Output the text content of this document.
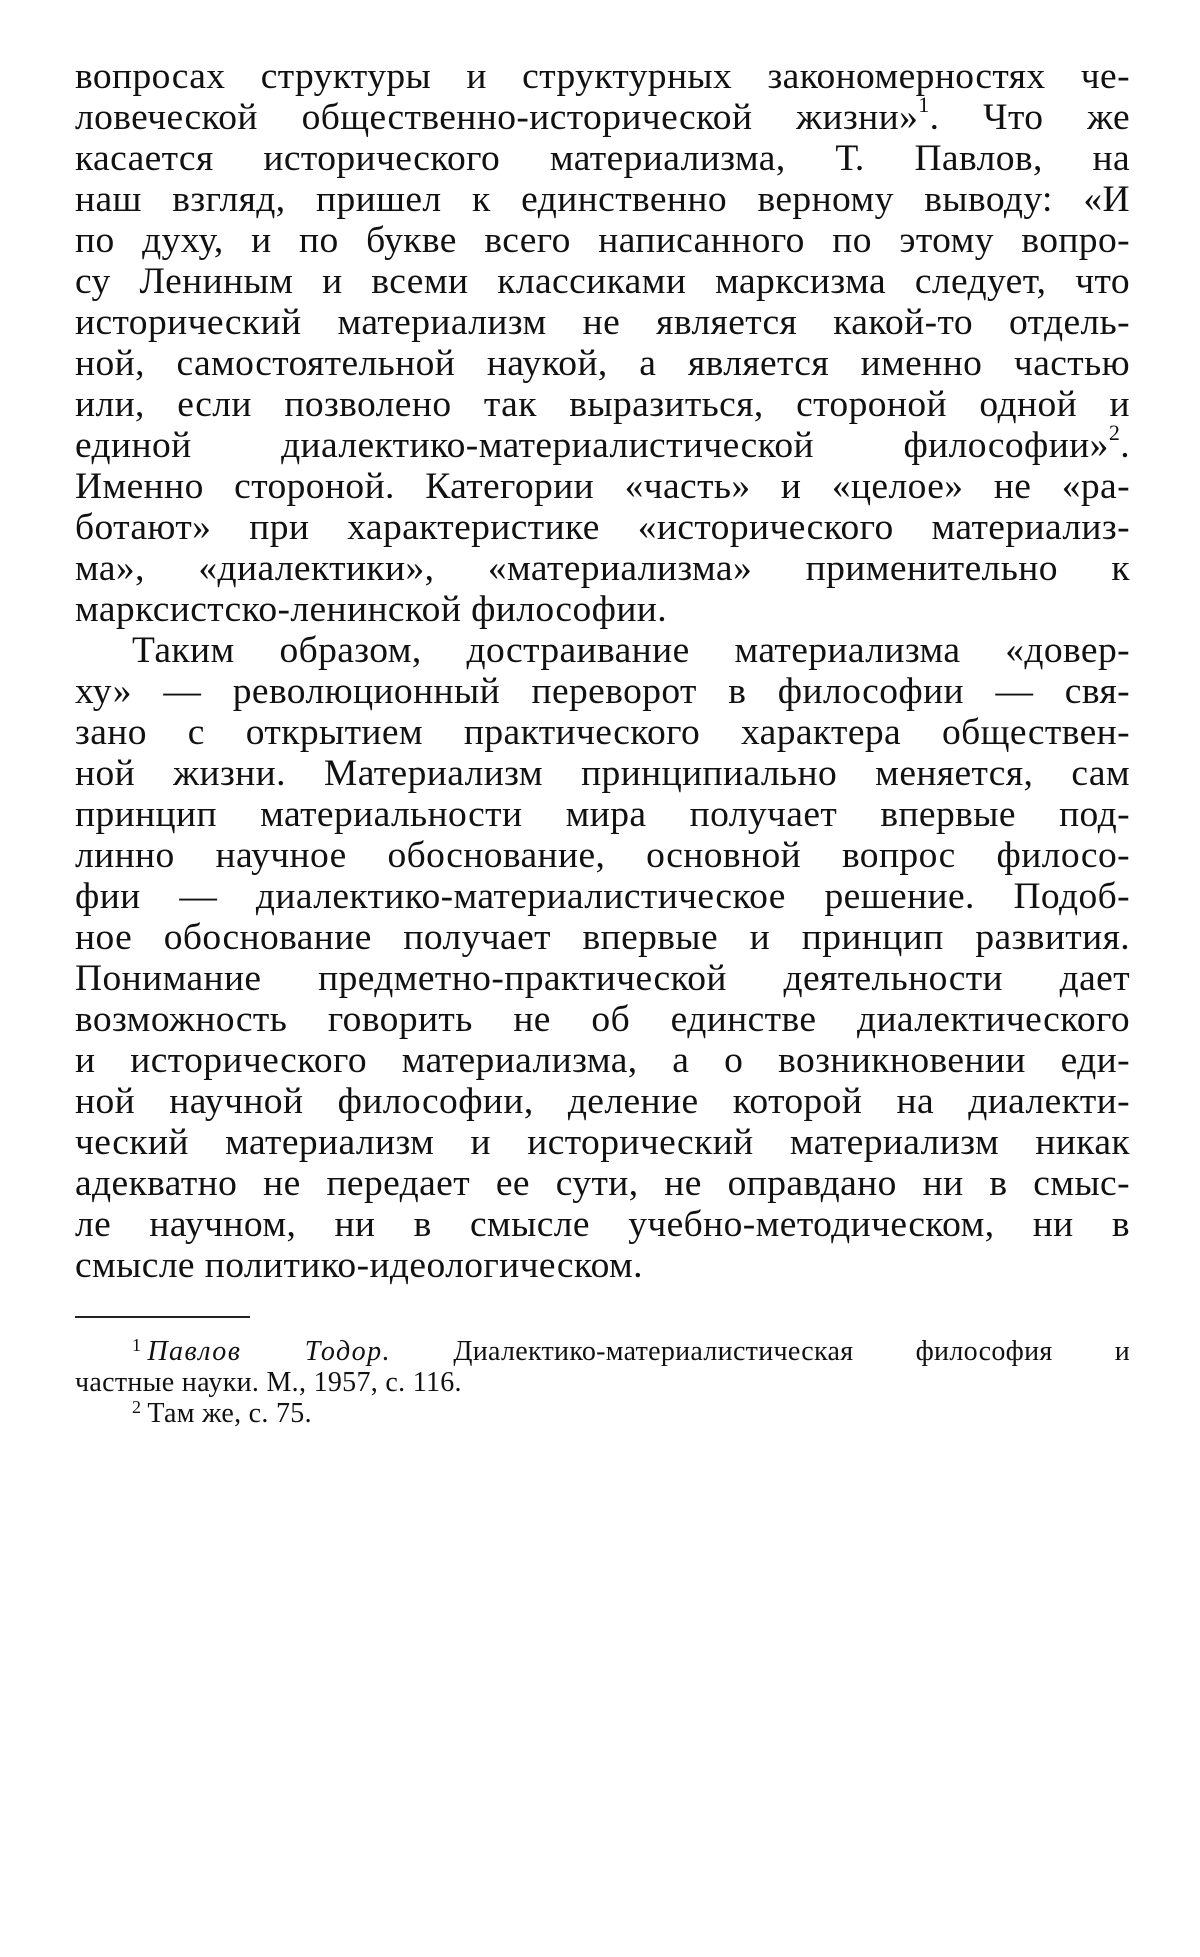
вопросах структуры и структурных закономерностях че-
ловеческой общественно-исторической жизни»$^1$. Что же
касается исторического материализма, Т. Павлов, на
наш взгляд, пришел к единственно верному выводу: «И
по духу, и по букве всего написанного по этому вопро-
су Лениным и всеми классиками марксизма следует, что
исторический материализм не является какой-то отдель-
ной, самостоятельной наукой, а является именно частью
или, если позволено так выразиться, стороной одной и
единой диалектико-материалистической философии»$^2$.
Именно стороной. Категории «часть» и «целое» не «ра-
ботают» при характеристике «исторического материализ-
ма», «диалектики», «материализма» применительно к
марксистско-ленинской философии.
Таким образом, достраивание материализма «довер-
ху» — революционный переворот в философии — свя-
зано с открытием практического характера обществен-
ной жизни. Материализм принципиально меняется, сам
принцип материальности мира получает впервые под-
линно научное обоснование, основной вопрос филосо-
фии — диалектико-материалистическое решение. Подоб-
ное обоснование получает впервые и принцип развития.
Понимание предметно-практической деятельности дает
возможность говорить не об единстве диалектического
и исторического материализма, а о возникновении еди-
ной научной философии, деление которой на диалекти-
ческий материализм и исторический материализм никак
адекватно не передает ее сути, не оправдано ни в смыс-
ле научном, ни в смысле учебно-методическом, ни в
смысле политико-идеологическом.
$^1$ Павлов Тодор. Диалектико-материалистическая философия и
частные науки. М., 1957, с. 116.
$^2$ Там же, с. 75.
